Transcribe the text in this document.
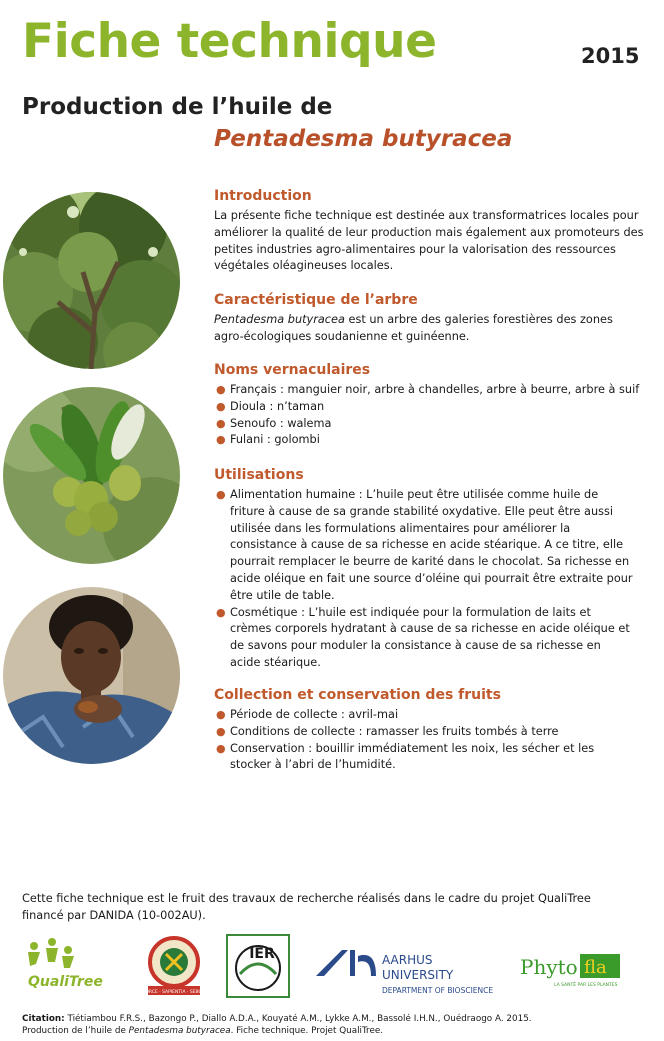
Fiche technique	2015
Production de l’huile de
Pentadesma butyracea
Introduction

La présente fiche technique est destinée aux transformatrices locales pour améliorer la qualité de leur production mais également aux promoteurs des petites industries agro-alimentaires pour la valorisation des ressources végétales oléagineuses locales.

Caractéristique de l’arbre

Pentadesma butyracea est un arbre des galeries forestières des zones agro-écologiques soudanienne et guinéenne.

Noms vernaculaires
● Français : manguier noir, arbre à chandelles, arbre à beurre, arbre à suif
● Dioula : n’taman
● Senoufo : walema
● Fulani : golombi
Utilisations
● Alimentation humaine : L’huile peut être utilisée comme huile de friture à cause de sa grande stabilité oxydative. Elle peut être aussi utilisée dans les formulations alimentaires pour améliorer la consistance à cause de sa richesse en acide stéarique. A ce titre, elle pourrait remplacer le beurre de karité dans le chocolat. Sa richesse en acide oléique en fait une source d’oléine qui pourrait être extraite pour être utile de table.
● Cosmétique : L’huile est indiquée pour la formulation de laits et crèmes corporels hydratant à cause de sa richesse en acide oléique et de savons pour moduler la consistance à cause de sa richesse en acide stéarique.
Collection et conservation des fruits
● Période de collecte : avril-mai
● Conditions de collecte : ramasser les fruits tombés à terre
● Conservation : bouillir immédiatement les noix, les sécher et les stocker à l’abri de l’humidité.
Cette fiche technique est le fruit des travaux de recherche réalisés dans le cadre du projet QualiTree financé par DANIDA (10-002AU).
QualiTree
FORCE · SAPIENTIA · SEBOR
IER	AARHUS
UNIVERSITY
DEPARTMENT OF BIOSCIENCE
Phyto fla
LA SANTÉ PAR LES PLANTES
Citation: Tiétiambou F.R.S., Bazongo P., Diallo A.D.A., Kouyaté A.M., Lykke A.M., Bassolé I.H.N., Ouédraogo A. 2015.
Production de l’huile de Pentadesma butyracea. Fiche technique. Projet QualiTree.
